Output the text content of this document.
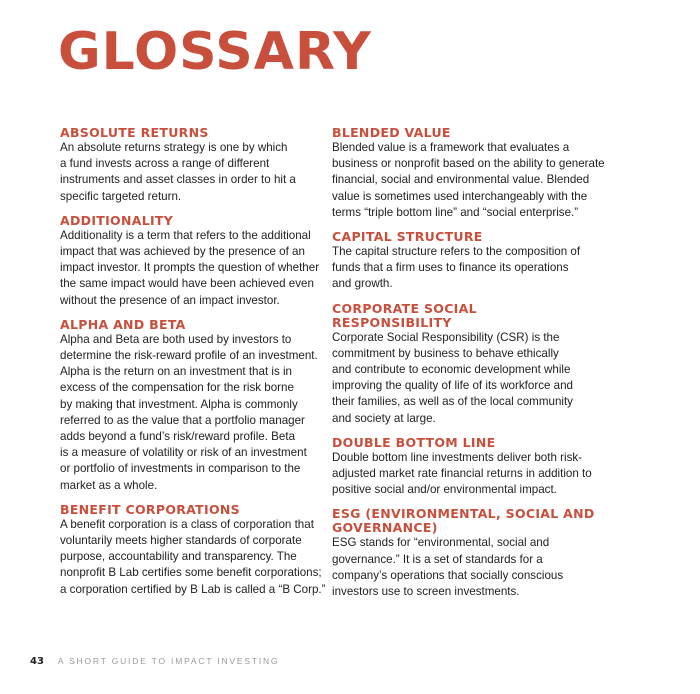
GLOSSARY
ABSOLUTE RETURNS

An absolute returns strategy is one by which
a fund invests across a range of different
instruments and asset classes in order to hit a
specific targeted return.

ADDITIONALITY

Additionality is a term that refers to the additional
impact that was achieved by the presence of an
impact investor. It prompts the question of whether
the same impact would have been achieved even
without the presence of an impact investor.

ALPHA AND BETA

Alpha and Beta are both used by investors to
determine the risk-reward profile of an investment.
Alpha is the return on an investment that is in
excess of the compensation for the risk borne
by making that investment. Alpha is commonly
referred to as the value that a portfolio manager
adds beyond a fund’s risk/reward profile. Beta
is a measure of volatility or risk of an investment
or portfolio of investments in comparison to the
market as a whole.

BENEFIT CORPORATIONS

A benefit corporation is a class of corporation that
voluntarily meets higher standards of corporate
purpose, accountability and transparency. The
nonprofit B Lab certifies some benefit corporations;
a corporation certified by B Lab is called a “B Corp.”

BLENDED VALUE

Blended value is a framework that evaluates a
business or nonprofit based on the ability to generate
financial, social and environmental value. Blended
value is sometimes used interchangeably with the
terms “triple bottom line” and “social enterprise.”

CAPITAL STRUCTURE

The capital structure refers to the composition of
funds that a firm uses to finance its operations
and growth.

CORPORATE SOCIAL
RESPONSIBILITY

Corporate Social Responsibility (CSR) is the
commitment by business to behave ethically
and contribute to economic development while
improving the quality of life of its workforce and
their families, as well as of the local community
and society at large.

DOUBLE BOTTOM LINE

Double bottom line investments deliver both risk-
adjusted market rate financial returns in addition to
positive social and/or environmental impact.

ESG (ENVIRONMENTAL, SOCIAL AND
GOVERNANCE)

ESG stands for “environmental, social and
governance.” It is a set of standards for a
company’s operations that socially conscious
investors use to screen investments.

43 A SHORT GUIDE TO IMPACT INVESTING
